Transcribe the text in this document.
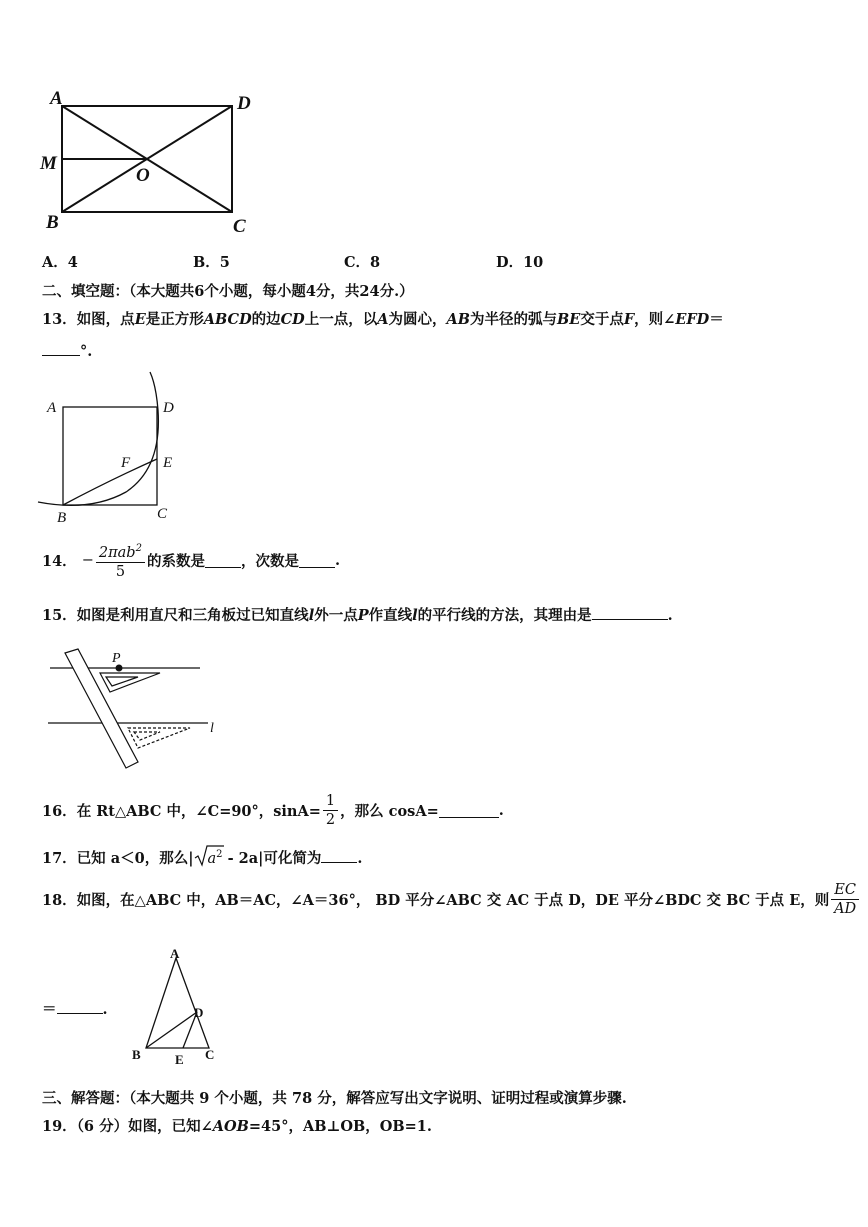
A	D
M
O
B	C
A．4	B．5	C．8	D．10
二、填空题：（本大题共6个小题，每小题4分，共24分.）
13．如图，点E是正方形ABCD的边CD上一点，以A为圆心，AB为半径的弧与BE交于点F，则∠EFD＝
°.
A	D
F E
B	C
14． − $\frac{2\pi ab^2}{5}$ 的系数是 ，次数是 .
15．如图是利用直尺和三角板过已知直线l外一点P作直线l的平行线的方法，其理由是	.
P
l
16．在 Rt△ABC 中，∠C=90°，$\sin A= \frac{1}{2}$ ，那么 cosA=	.
17．已知 a＜0，那么| $a^2 - 2a|$可化简为 .
18．如图，在△ABC 中，AB＝AC，∠A＝36°， BD 平分∠ABC 交 AC 于点 D，DE 平分∠BDC 交 BC 于点 E，则 $\frac{EC}{AD}$
＝	.
A
D
B	E C
三、解答题：（本大题共 9 个小题，共 78 分，解答应写出文字说明、证明过程或演算步骤.
19．（6 分）如图，已知∠AOB=45°，AB⊥OB，OB=1.
